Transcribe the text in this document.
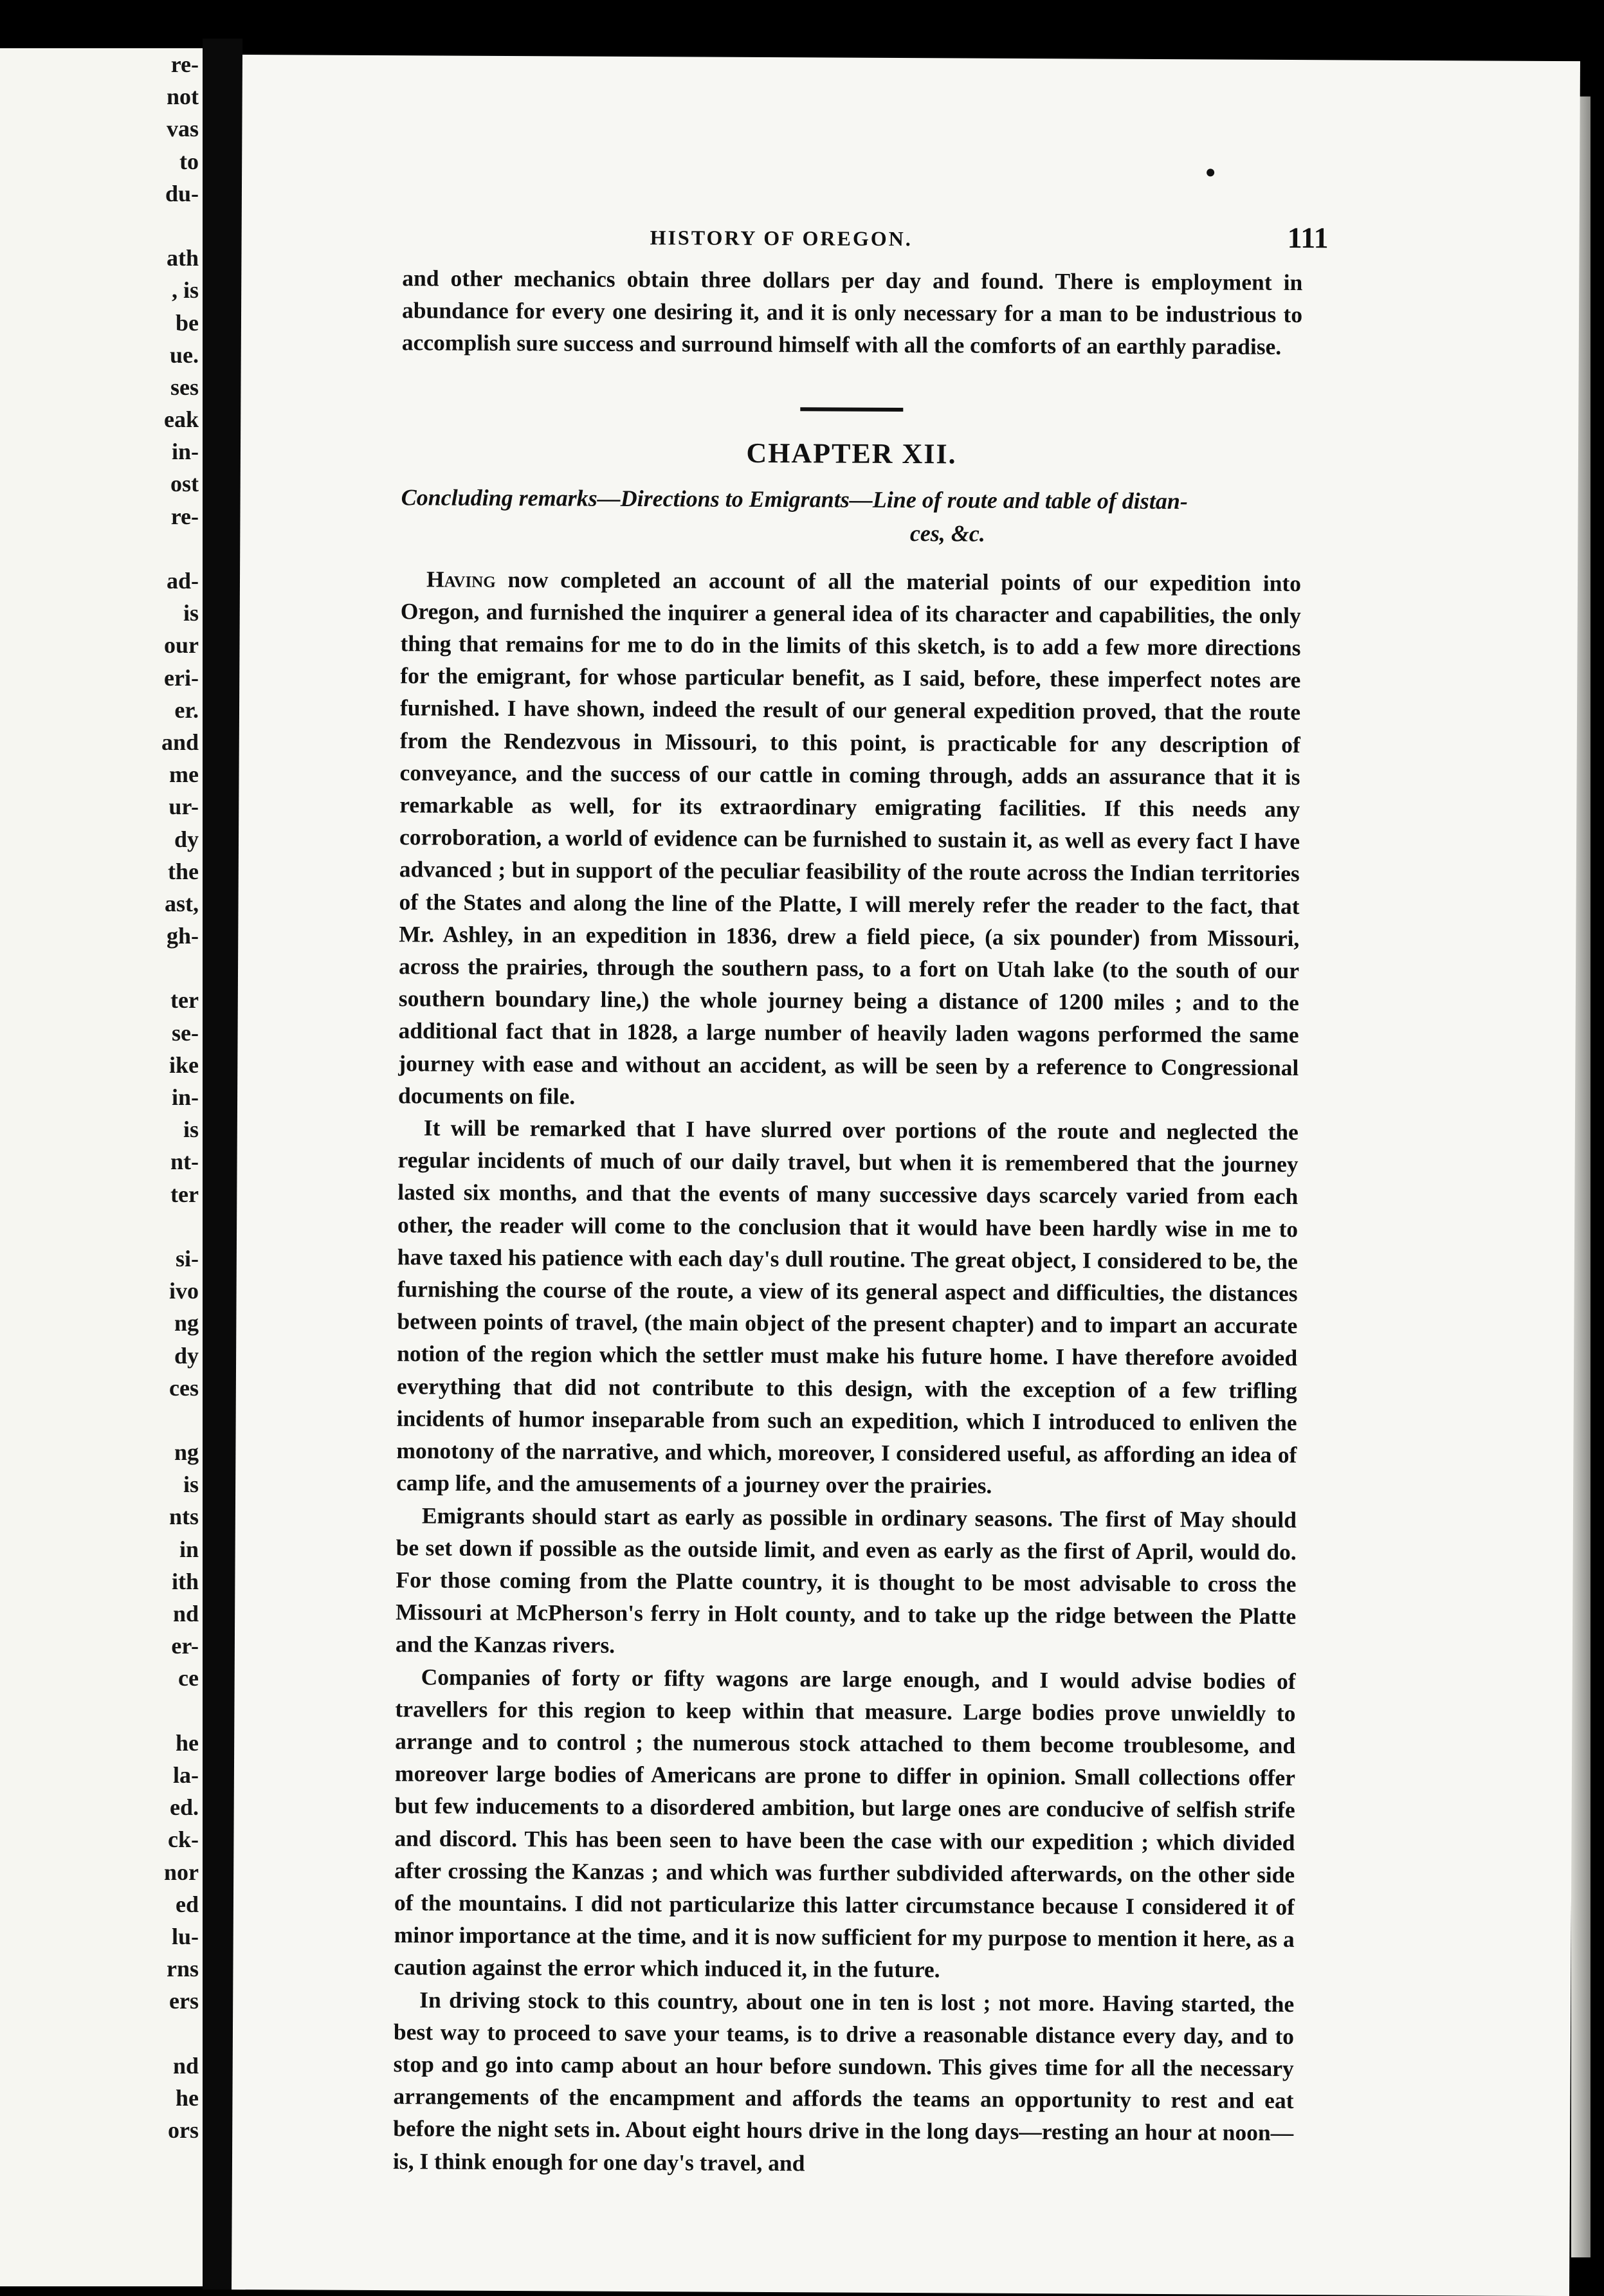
re-
not
vas
to
du-
ath
, is
be
ue.
ses
eak
in-
ost
re-
ad-
is
our
eri-
er.
and
me
ur-
dy
the
ast,
gh-
ter
se-
ike
in-
is
nt-
ter
si-
ivo
ng
dy
ces
ng
is
nts
in
ith
nd
er-
ce
he
la-
ed.
ck-
nor
ed
lu-
rns
ers
nd
he
ors
HISTORY OF OREGON.	111

and other mechanics obtain three dollars per day and found. There is employment in abundance for every one desiring it, and it is only necessary for a man to be industrious to accomplish sure success and surround himself with all the comforts of an earthly paradise.

CHAPTER XII.
Concluding remarks—Directions to Emigrants—Line of route and table of distan-
ces, &c.

Having now completed an account of all the material points of our expedition into Oregon, and furnished the inquirer a general idea of its character and capabilities, the only thing that remains for me to do in the limits of this sketch, is to add a few more directions for the emigrant, for whose particular benefit, as I said, before, these imperfect notes are furnished. I have shown, indeed the result of our general expedition proved, that the route from the Rendezvous in Missouri, to this point, is practicable for any description of conveyance, and the success of our cattle in coming through, adds an assurance that it is remarkable as well, for its extraordinary emigrating facilities. If this needs any corroboration, a world of evidence can be furnished to sustain it, as well as every fact I have advanced ; but in support of the peculiar feasibility of the route across the Indian territories of the States and along the line of the Platte, I will merely refer the reader to the fact, that Mr. Ashley, in an expedition in 1836, drew a field piece, (a six pounder) from Missouri, across the prairies, through the southern pass, to a fort on Utah lake (to the south of our southern boundary line,) the whole journey being a distance of 1200 miles ; and to the additional fact that in 1828, a large number of heavily laden wagons performed the same journey with ease and without an accident, as will be seen by a reference to Congressional documents on file.

It will be remarked that I have slurred over portions of the route and neglected the regular incidents of much of our daily travel, but when it is remembered that the journey lasted six months, and that the events of many successive days scarcely varied from each other, the reader will come to the conclusion that it would have been hardly wise in me to have taxed his patience with each day's dull routine. The great object, I considered to be, the furnishing the course of the route, a view of its general aspect and difficulties, the distances between points of travel, (the main object of the present chapter) and to impart an accurate notion of the region which the settler must make his future home. I have therefore avoided everything that did not contribute to this design, with the exception of a few trifling incidents of humor inseparable from such an expedition, which I introduced to enliven the monotony of the narrative, and which, moreover, I considered useful, as affording an idea of camp life, and the amusements of a journey over the prairies.

Emigrants should start as early as possible in ordinary seasons. The first of May should be set down if possible as the outside limit, and even as early as the first of April, would do. For those coming from the Platte country, it is thought to be most advisable to cross the Missouri at McPherson's ferry in Holt county, and to take up the ridge between the Platte and the Kanzas rivers.

Companies of forty or fifty wagons are large enough, and I would advise bodies of travellers for this region to keep within that measure. Large bodies prove unwieldly to arrange and to control ; the numerous stock attached to them become troublesome, and moreover large bodies of Americans are prone to differ in opinion. Small collections offer but few inducements to a disordered ambition, but large ones are conducive of selfish strife and discord. This has been seen to have been the case with our expedition ; which divided after crossing the Kanzas ; and which was further subdivided afterwards, on the other side of the mountains. I did not particularize this latter circumstance because I considered it of minor importance at the time, and it is now sufficient for my purpose to mention it here, as a caution against the error which induced it, in the future.

In driving stock to this country, about one in ten is lost ; not more. Having started, the best way to proceed to save your teams, is to drive a reasonable distance every day, and to stop and go into camp about an hour before sundown. This gives time for all the necessary arrangements of the encampment and affords the teams an opportunity to rest and eat before the night sets in. About eight hours drive in the long days—resting an hour at noon—is, I think enough for one day's travel, and
